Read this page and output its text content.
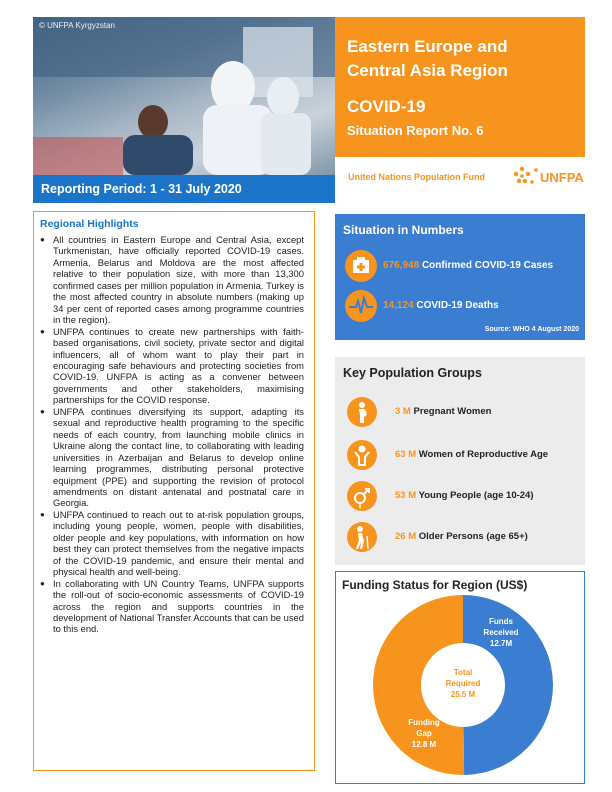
© UNFPA Kyrgyzstan
Reporting Period: 1 - 31 July 2020
Eastern Europe and
Central Asia Region
COVID-19
Situation Report No. 6
United Nations Population Fund	UNFPA
Regional Highlights
● All countries in Eastern Europe and Central Asia, except Turkmenistan, have officially reported COVID-19 cases. Armenia, Belarus and Moldova are the most affected relative to their population size, with more than 13,300 confirmed cases per million population in Armenia. Turkey is the most affected country in absolute numbers (making up 34 per cent of reported cases among programme countries in the region).
● UNFPA continues to create new partnerships with faith-based organisations, civil society, private sector and digital influencers, all of whom want to play their part in encouraging safe behaviours and protecting societies from COVID-19. UNFPA is acting as a convener between governments and other stakeholders, maximising partnerships for the COVID response.
● UNFPA continues diversifying its support, adapting its sexual and reproductive health programing to the specific needs of each country, from launching mobile clinics in Ukraine along the contact line, to collaborating with leading universities in Azerbaijan and Belarus to develop online learning programmes, distributing personal protective equipment (PPE) and supporting the revision of protocol amendments on distant antenatal and postnatal care in Georgia.
● UNFPA continued to reach out to at-risk population groups, including young people, women, people with disabilities, older people and key populations, with information on how best they can protect themselves from the negative impacts of the COVID-19 pandemic, and ensure their mental and physical health and well-being.
● In collaborating with UN Country Teams, UNFPA supports the roll-out of socio-economic assessments of COVID-19 across the region and supports countries in the development of National Transfer Accounts that can be used to this end.
Situation in Numbers
676,948 Confirmed COVID-19 Cases
14,124 COVID-19 Deaths
Source: WHO 4 August 2020
Key Population Groups
3 M Pregnant Women
63 M Women of Reproductive Age
53 M Young People (age 10-24)
26 M Older Persons (age 65+)
Funding Status for Region (US$)
Funds
Received
12.7M
Total
Required
25.5 M
Funding
Gap
12.8 M
